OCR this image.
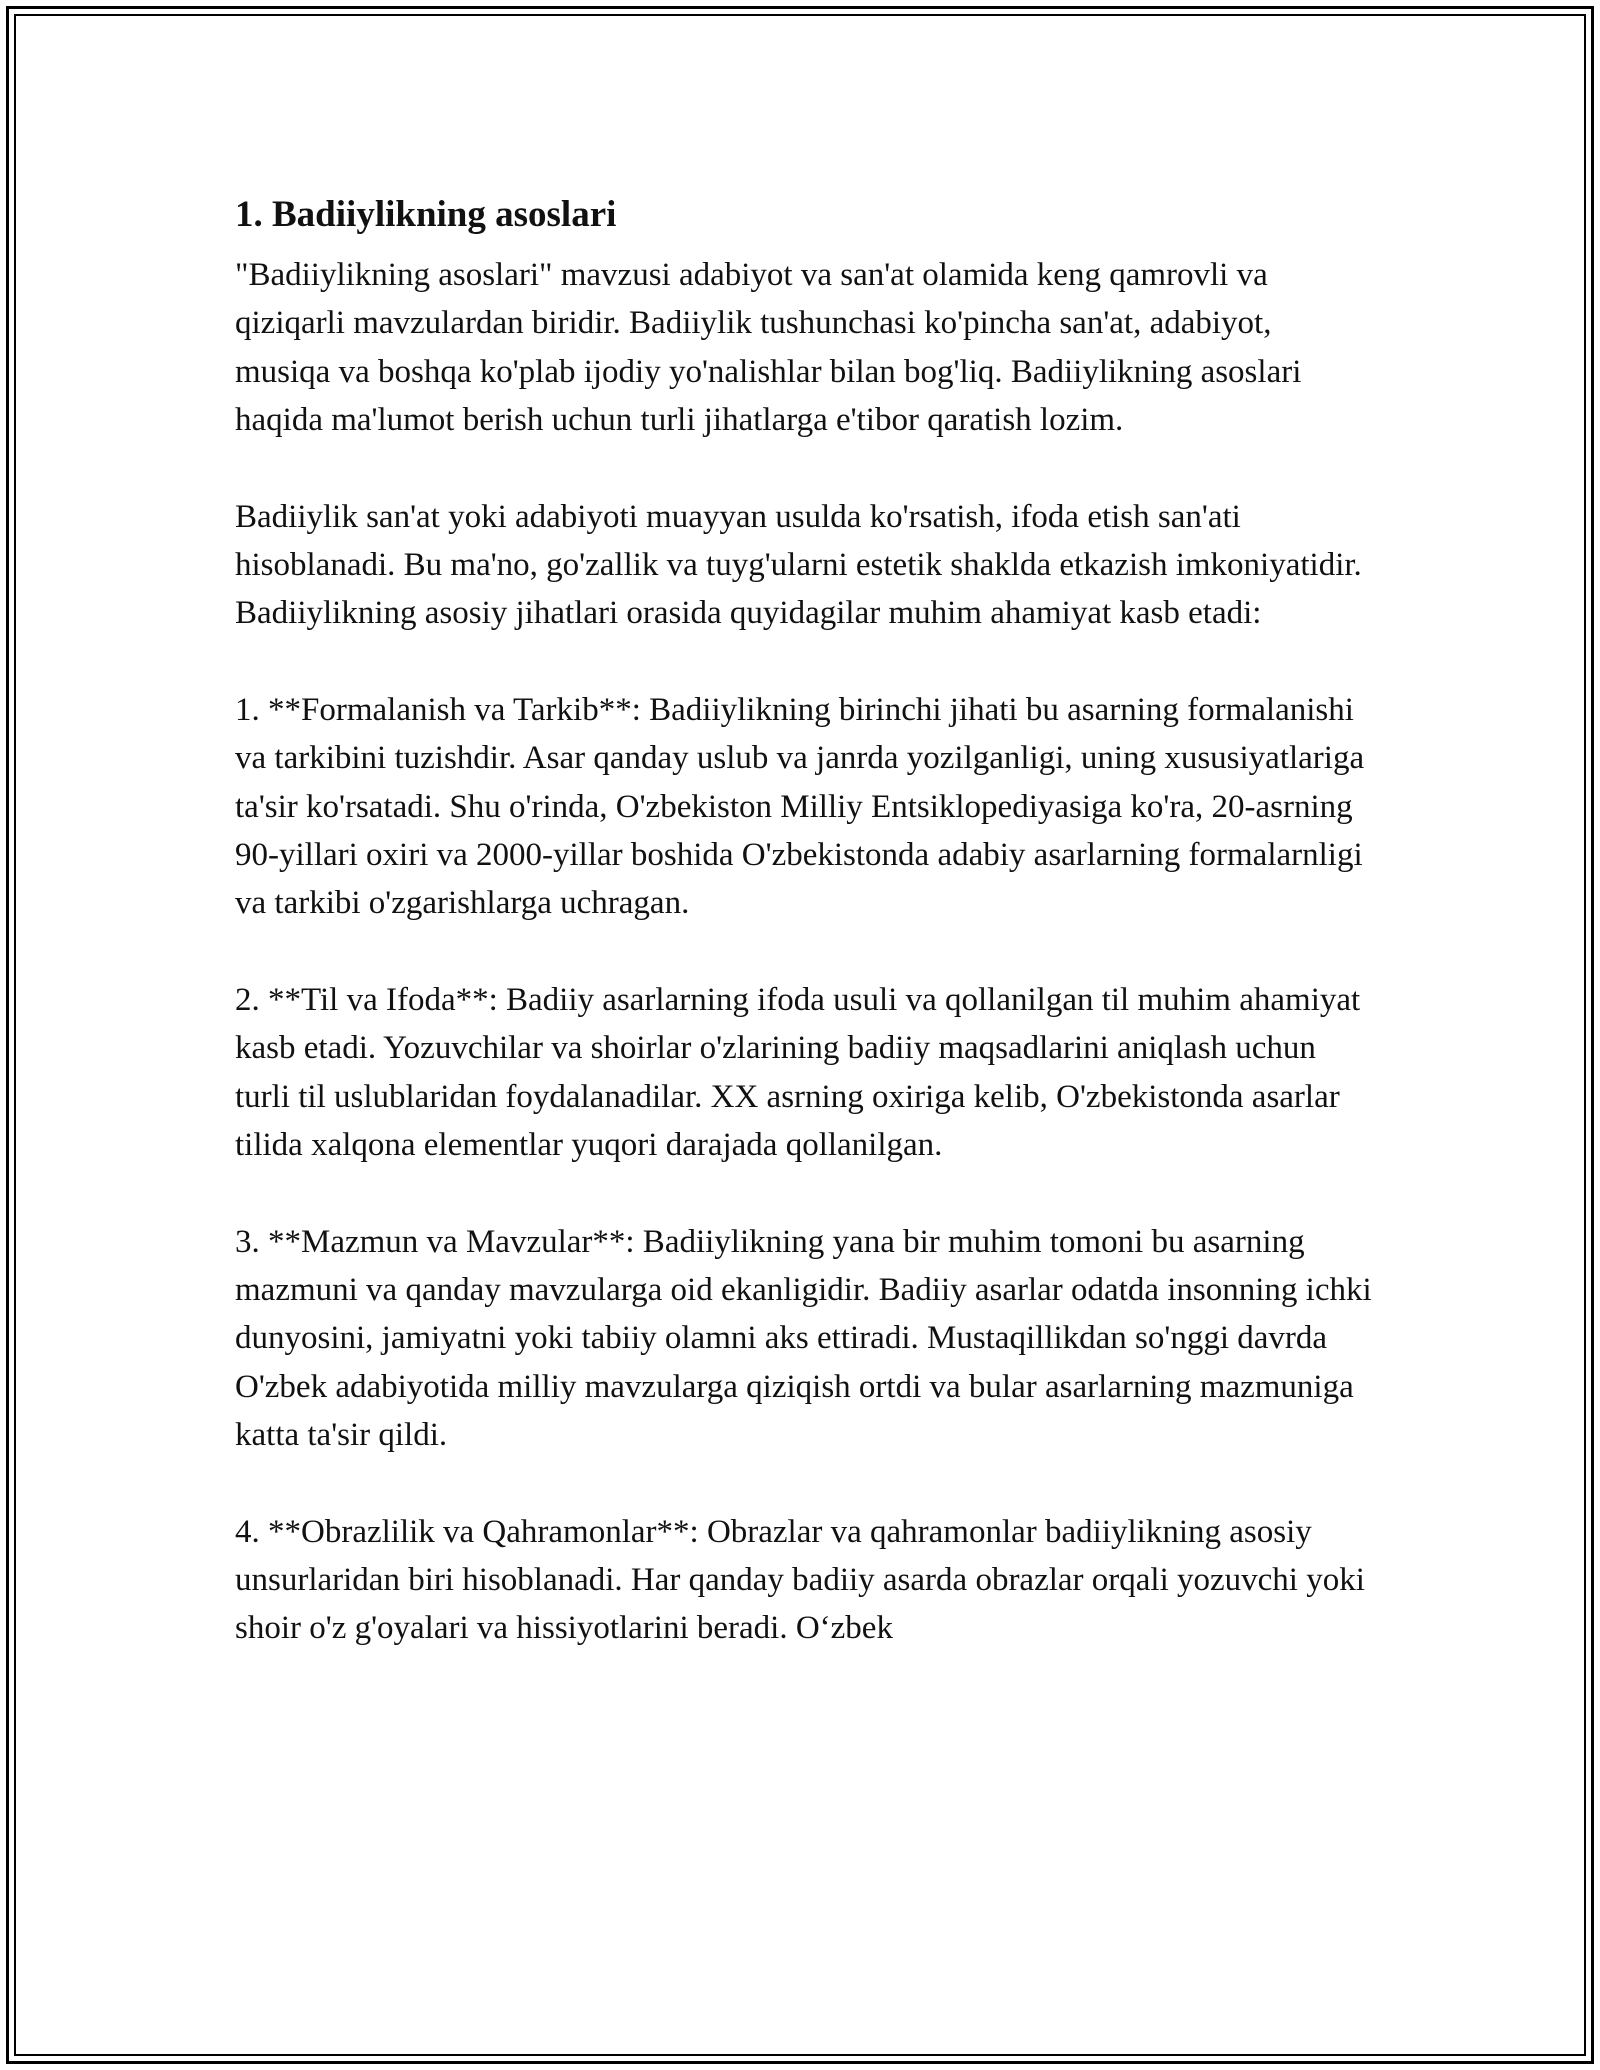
1. Badiiylikning asoslari

"Badiiylikning asoslari" mavzusi adabiyot va san'at olamida keng qamrovli va qiziqarli mavzulardan biridir. Badiiylik tushunchasi ko'pincha san'at, adabiyot, musiqa va boshqa ko'plab ijodiy yo'nalishlar bilan bog'liq. Badiiylikning asoslari haqida ma'lumot berish uchun turli jihatlarga e'tibor qaratish lozim.

Badiiylik san'at yoki adabiyoti muayyan usulda ko'rsatish, ifoda etish san'ati hisoblanadi. Bu ma'no, go'zallik va tuyg'ularni estetik shaklda etkazish imkoniyatidir. Badiiylikning asosiy jihatlari orasida quyidagilar muhim ahamiyat kasb etadi:

1. **Formalanish va Tarkib**: Badiiylikning birinchi jihati bu asarning formalanishi va tarkibini tuzishdir. Asar qanday uslub va janrda yozilganligi, uning xususiyatlariga ta'sir ko'rsatadi. Shu o'rinda, O'zbekiston Milliy Entsiklopediyasiga ko'ra, 20-asrning 90-yillari oxiri va 2000-yillar boshida O'zbekistonda adabiy asarlarning formalarnligi va tarkibi o'zgarishlarga uchragan.

2. **Til va Ifoda**: Badiiy asarlarning ifoda usuli va qollanilgan til muhim ahamiyat kasb etadi. Yozuvchilar va shoirlar o'zlarining badiiy maqsadlarini aniqlash uchun turli til uslublaridan foydalanadilar. XX asrning oxiriga kelib, O'zbekistonda asarlar tilida xalqona elementlar yuqori darajada qollanilgan.

3. **Mazmun va Mavzular**: Badiiylikning yana bir muhim tomoni bu asarning mazmuni va qanday mavzularga oid ekanligidir. Badiiy asarlar odatda insonning ichki dunyosini, jamiyatni yoki tabiiy olamni aks ettiradi. Mustaqillikdan so'nggi davrda O'zbek adabiyotida milliy mavzularga qiziqish ortdi va bular asarlarning mazmuniga katta ta'sir qildi.

4. **Obrazlilik va Qahramonlar**: Obrazlar va qahramonlar badiiylikning asosiy unsurlaridan biri hisoblanadi. Har qanday badiiy asarda obrazlar orqali yozuvchi yoki shoir o'z g'oyalari va hissiyotlarini beradi. O‘zbek
